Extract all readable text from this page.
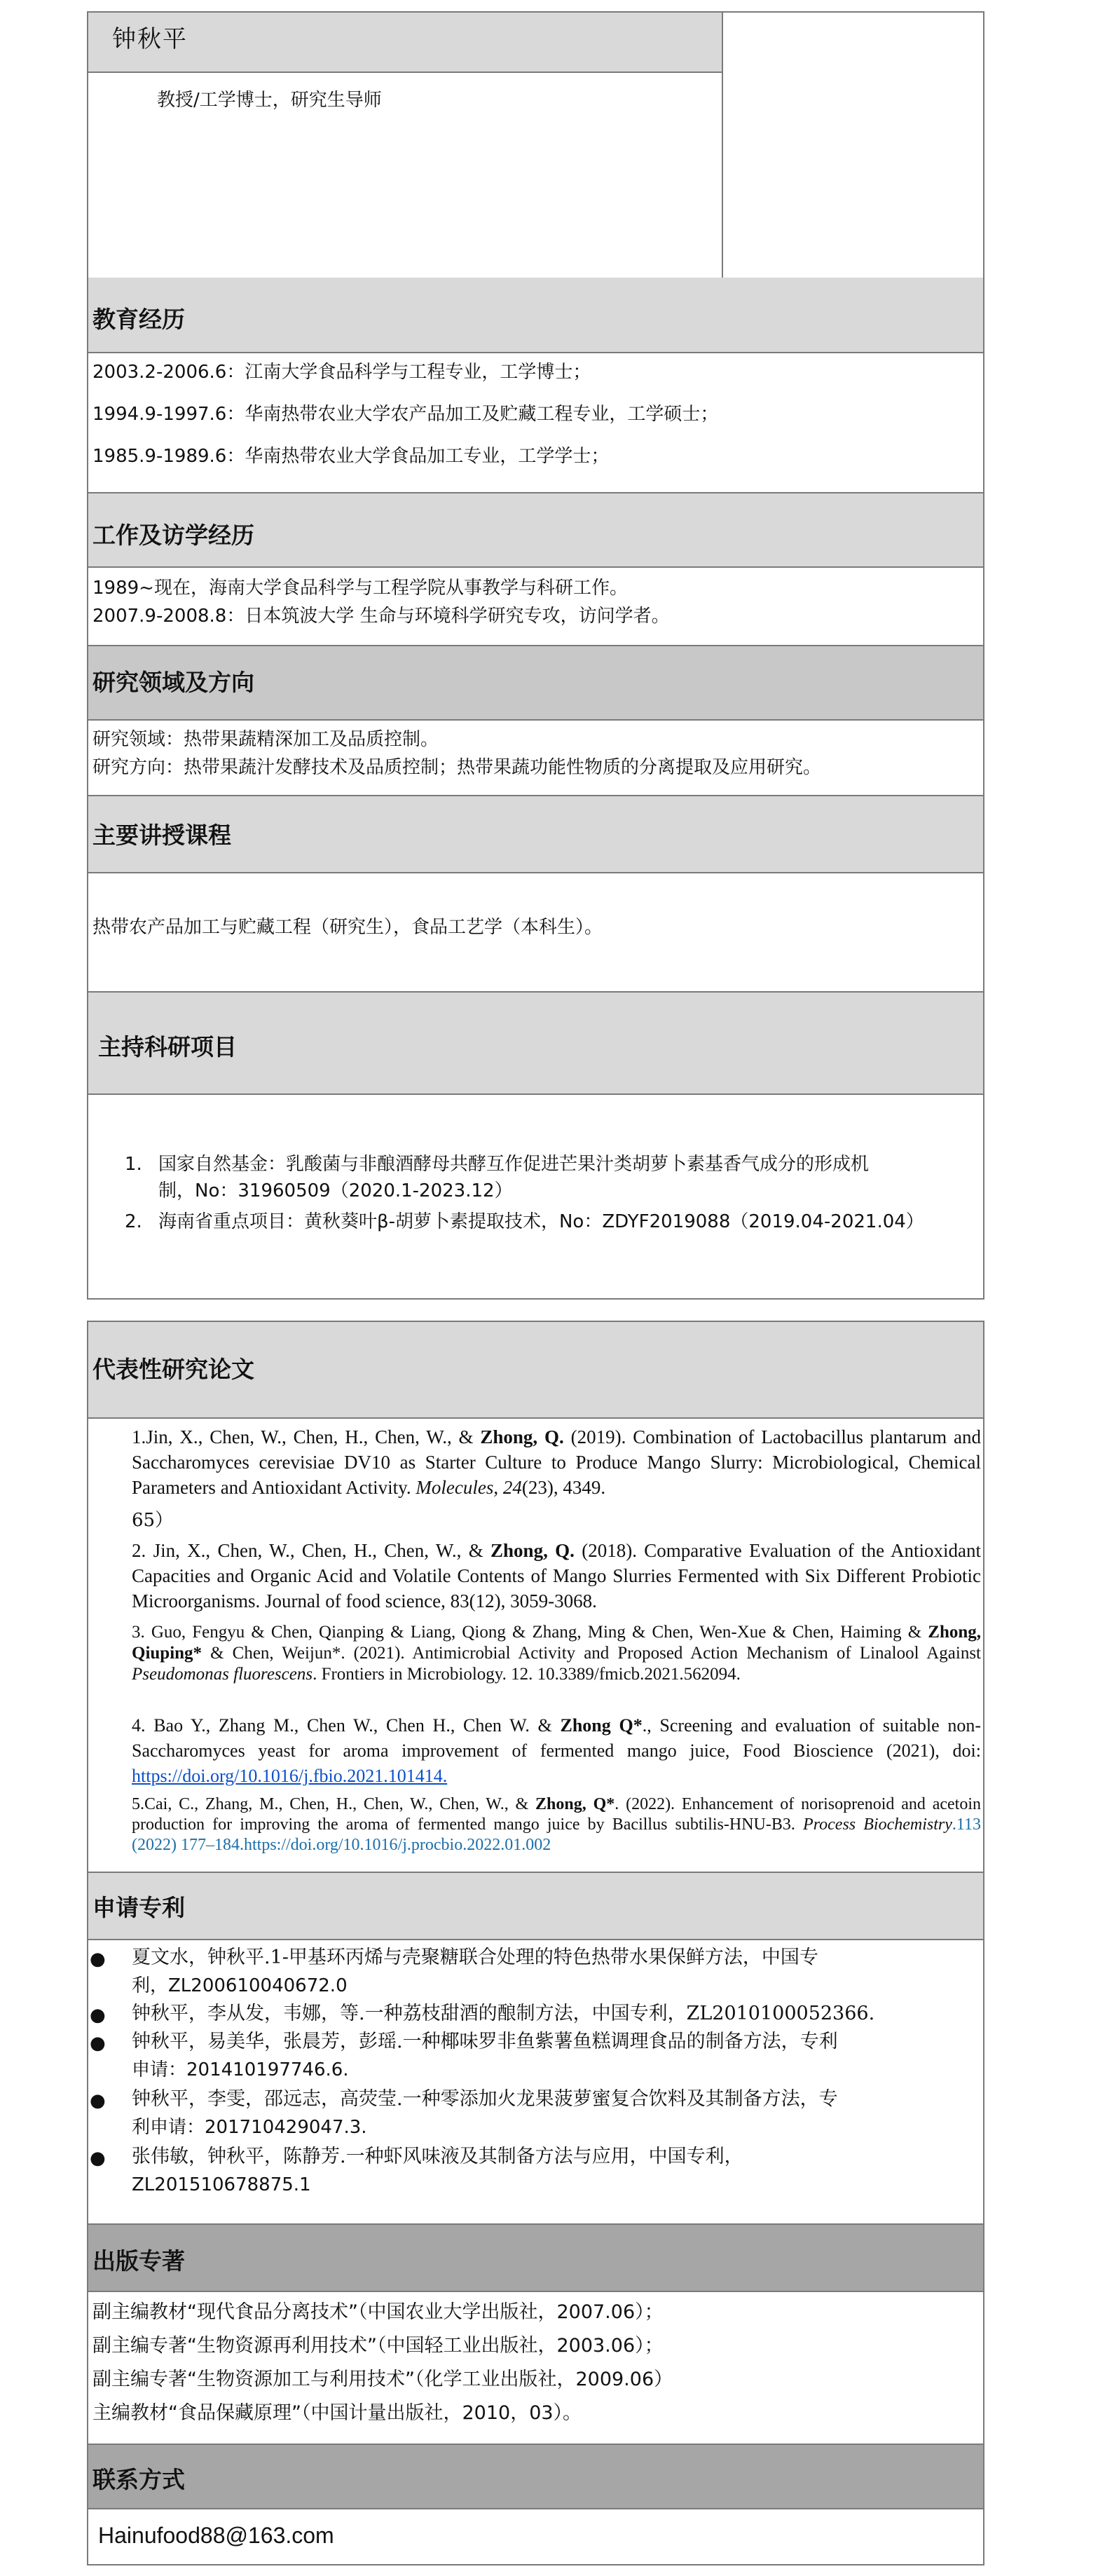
钟秋平
教授/工学博士，研究生导师
教育经历
2003.2-2006.6：江南大学食品科学与工程专业，工学博士；
1994.9-1997.6：华南热带农业大学农产品加工及贮藏工程专业，工学硕士；
1985.9-1989.6：华南热带农业大学食品加工专业，工学学士；
工作及访学经历
1989~现在，海南大学食品科学与工程学院从事教学与科研工作。
2007.9-2008.8：日本筑波大学 生命与环境科学研究专攻，访问学者。
研究领域及方向
研究领域：热带果蔬精深加工及品质控制。
研究方向：热带果蔬汁发酵技术及品质控制；热带果蔬功能性物质的分离提取及应用研究。
主要讲授课程
热带农产品加工与贮藏工程（研究生），食品工艺学（本科生）。
主持科研项目
1. 国家自然基金：乳酸菌与非酿酒酵母共酵互作促进芒果汁类胡萝卜素基香气成分的形成机
制，No：31960509（2020.1-2023.12）
2. 海南省重点项目：黄秋葵叶β-胡萝卜素提取技术，No：ZDYF2019088（2019.04-2021.04）
代表性研究论文
1.Jin, X., Chen, W., Chen, H., Chen, W., & Zhong, Q. (2019). Combination of Lactobacillus plantarum and Saccharomyces cerevisiae DV10 as Starter Culture to Produce Mango Slurry: Microbiological, Chemical Parameters and Antioxidant Activity. Molecules, 24(23), 4349.
65）
2. Jin, X., Chen, W., Chen, H., Chen, W., & Zhong, Q. (2018). Comparative Evaluation of the Antioxidant Capacities and Organic Acid and Volatile Contents of Mango Slurries Fermented with Six Different Probiotic Microorganisms. Journal of food science, 83(12), 3059-3068.
3. Guo, Fengyu & Chen, Qianping & Liang, Qiong & Zhang, Ming & Chen, Wen-Xue & Chen, Haiming & Zhong, Qiuping* & Chen, Weijun*. (2021). Antimicrobial Activity and Proposed Action Mechanism of Linalool Against Pseudomonas fluorescens. Frontiers in Microbiology. 12. 10.3389/fmicb.2021.562094.
4. Bao Y., Zhang M., Chen W., Chen H., Chen W. & Zhong Q*., Screening and evaluation of suitable non-Saccharomyces yeast for aroma improvement of fermented mango juice, Food Bioscience (2021), doi: https://doi.org/10.1016/j.fbio.2021.101414.
5.Cai, C., Zhang, M., Chen, H., Chen, W., Chen, W., & Zhong, Q*. (2022). Enhancement of norisoprenoid and acetoin production for improving the aroma of fermented mango juice by Bacillus subtilis-HNU-B3. Process Biochemistry.113 (2022) 177–184.https://doi.org/10.1016/j.procbio.2022.01.002
申请专利
● 夏文水，钟秋平.1-甲基环丙烯与壳聚糖联合处理的特色热带水果保鲜方法，中国专
利，ZL200610040672.0
● 钟秋平，李从发，韦娜，等.一种荔枝甜酒的酿制方法，中国专利，ZL2010100052366.
● 钟秋平，易美华，张晨芳，彭瑶.一种椰味罗非鱼紫薯鱼糕调理食品的制备方法，专利
申请：201410197746.6.
● 钟秋平，李雯，邵远志，高荧莹.一种零添加火龙果菠萝蜜复合饮料及其制备方法，专
利申请：201710429047.3.
● 张伟敏，钟秋平，陈静芳.一种虾风味液及其制备方法与应用，中国专利，
ZL201510678875.1
出版专著
副主编教材“现代食品分离技术”（中国农业大学出版社，2007.06）；
副主编专著“生物资源再利用技术”（中国轻工业出版社，2003.06）；
副主编专著“生物资源加工与利用技术”（化学工业出版社，2009.06）
主编教材“食品保藏原理”（中国计量出版社，2010，03）。
联系方式
Hainufood88@163.com
